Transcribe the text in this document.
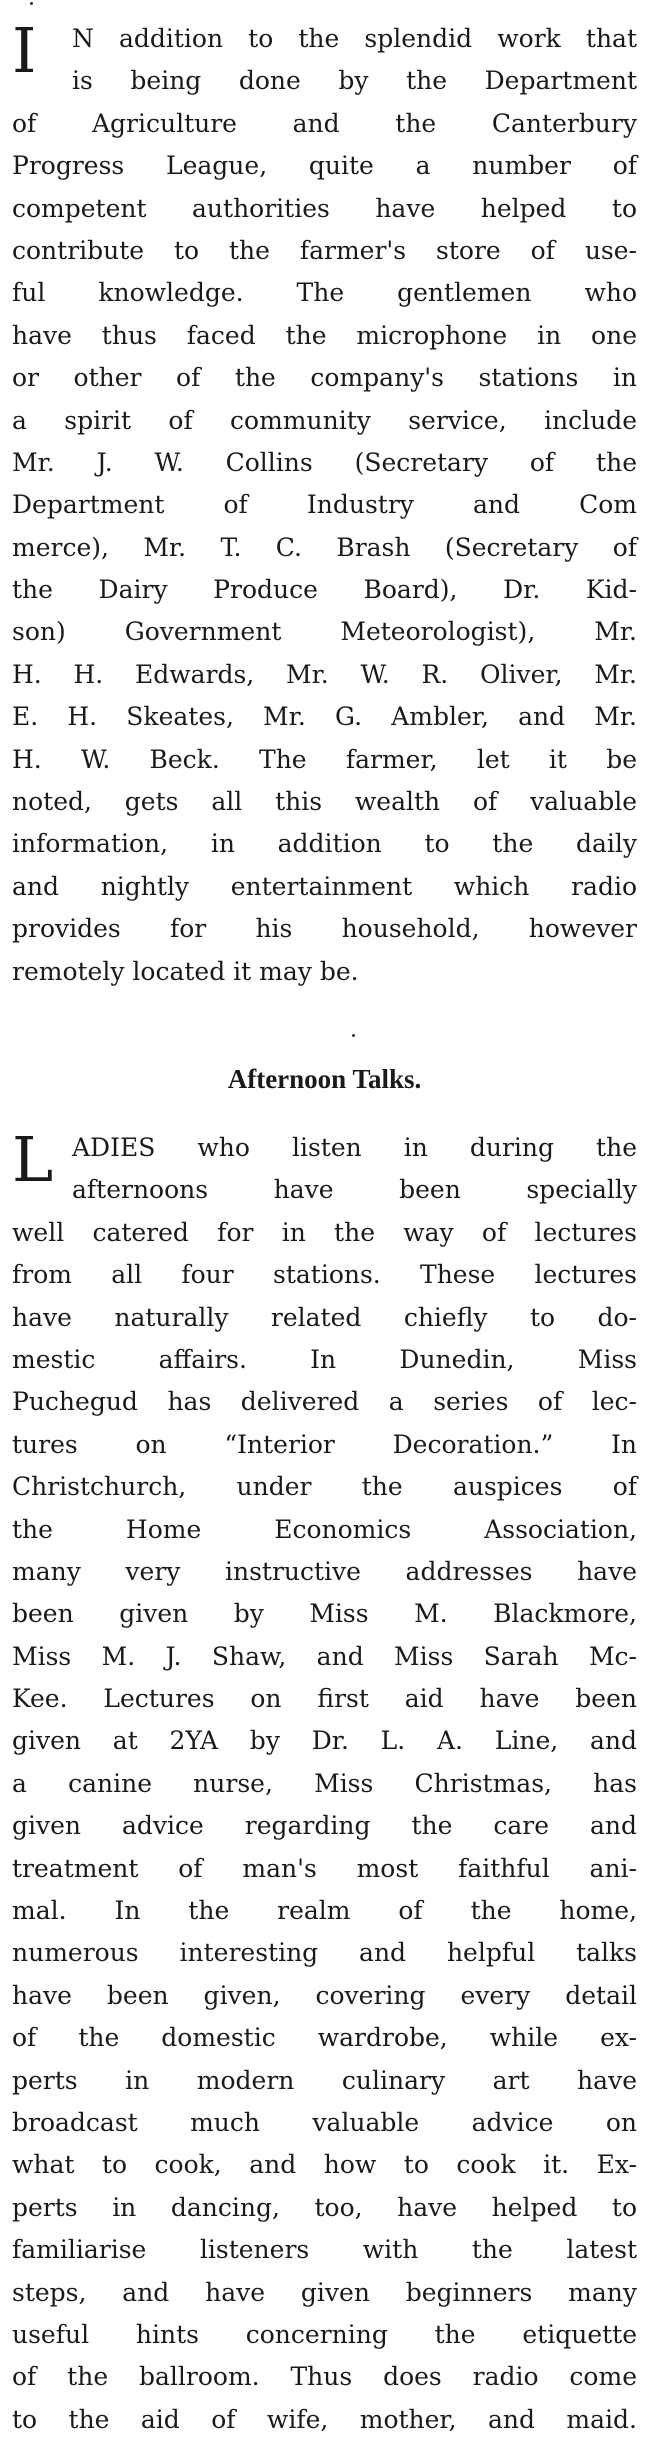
I	N addition to the splendid work that
is being done by the Department
of Agriculture and the Canterbury
Progress League, quite a number of
competent authorities have helped to
contribute to the farmer's store of use-
ful knowledge. The gentlemen who
have thus faced the microphone in one
or other of the company's stations in
a spirit of community service, include
Mr. J. W. Collins (Secretary of the
Department of Industry and Com
merce), Mr. T. C. Brash (Secretary of
the Dairy Produce Board), Dr. Kid-
son) Government Meteorologist), Mr.
H. H. Edwards, Mr. W. R. Oliver, Mr.
E. H. Skeates, Mr. G. Ambler, and Mr.
H. W. Beck. The farmer, let it be
noted, gets all this wealth of valuable
information, in addition to the daily
and nightly entertainment which radio
provides for his household, however
remotely located it may be.
Afternoon Talks.
L ADIES who listen in during the
afternoons have been specially
well catered for in the way of lectures
from all four stations. These lectures
have naturally related chiefly to do-
mestic affairs. In Dunedin, Miss
Puchegud has delivered a series of lec-
tures on “Interior Decoration.” In
Christchurch, under the auspices of
the Home Economics Association,
many very instructive addresses have
been given by Miss M. Blackmore,
Miss M. J. Shaw, and Miss Sarah Mc-
Kee. Lectures on first aid have been
given at 2YA by Dr. L. A. Line, and
a canine nurse, Miss Christmas, has
given advice regarding the care and
treatment of man's most faithful ani-
mal. In the realm of the home,
numerous interesting and helpful talks
have been given, covering every detail
of the domestic wardrobe, while ex-
perts in modern culinary art have
broadcast much valuable advice on
what to cook, and how to cook it. Ex-
perts in dancing, too, have helped to
familiarise listeners with the latest
steps, and have given beginners many
useful hints concerning the etiquette
of the ballroom. Thus does radio come
to the aid of wife, mother, and maid.
